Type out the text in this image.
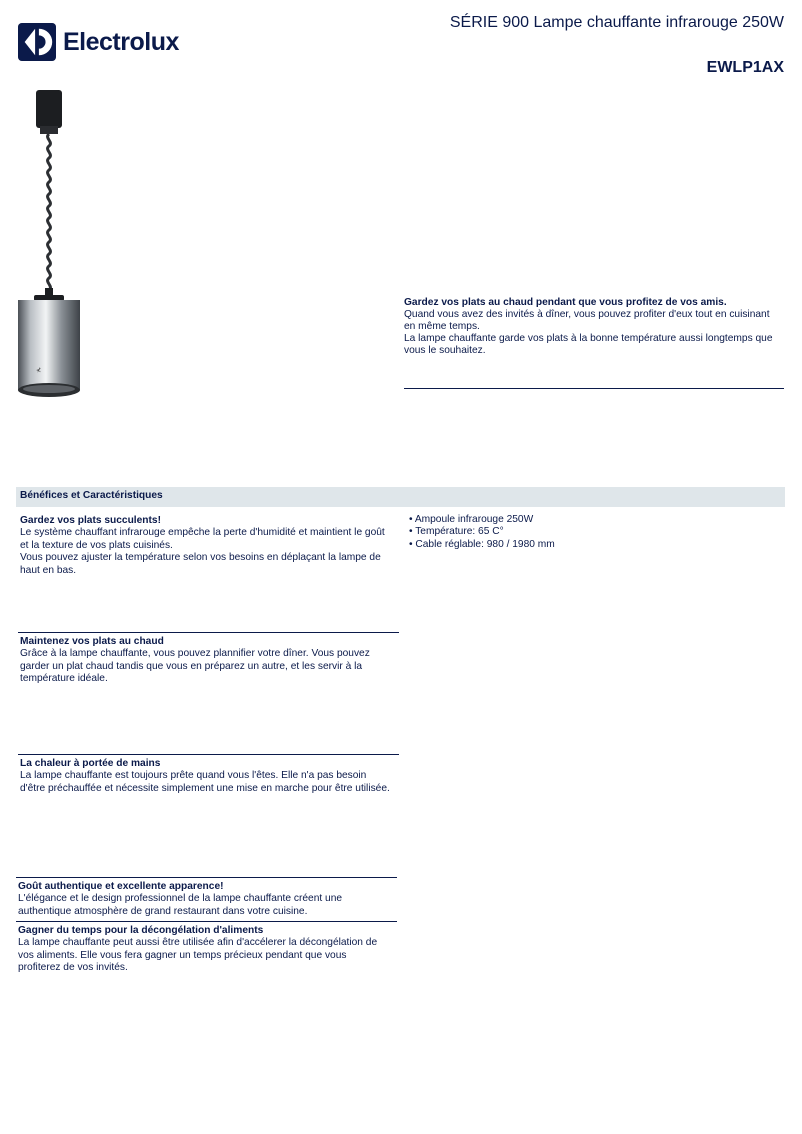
Electrolux
SÉRIE 900 Lampe chauffante infrarouge 250W
EWLP1AX
⊀
Gardez vos plats au chaud pendant que vous profitez de vos amis.
Quand vous avez des invités à dîner, vous pouvez profiter d'eux tout en cuisinant en même temps.
La lampe chauffante garde vos plats à la bonne température aussi longtemps que vous le souhaitez.
Bénéfices et Caractéristiques
Gardez vos plats succulents!
Le système chauffant infrarouge empêche la perte d'humidité et maintient le goût et la texture de vos plats cuisinés.
Vous pouvez ajuster la température selon vos besoins en déplaçant la lampe de haut en bas.
Maintenez vos plats au chaud
Grâce à la lampe chauffante, vous pouvez plannifier votre dîner. Vous pouvez garder un plat chaud tandis que vous en préparez un autre, et les servir à la température idéale.
La chaleur à portée de mains
La lampe chauffante est toujours prête quand vous l'êtes. Elle n'a pas besoin d'être préchauffée et nécessite simplement une mise en marche pour être utilisée.
Goût authentique et excellente apparence!
L'élégance et le design professionnel de la lampe chauffante créent une authentique atmosphère de grand restaurant dans votre cuisine.
Gagner du temps pour la décongélation d'aliments
La lampe chauffante peut aussi être utilisée afin d'accélerer la décongélation de vos aliments. Elle vous fera gagner un temps précieux pendant que vous profiterez de vos invités.
• Ampoule infrarouge 250W
• Température: 65 C°
• Cable réglable: 980 / 1980 mm
